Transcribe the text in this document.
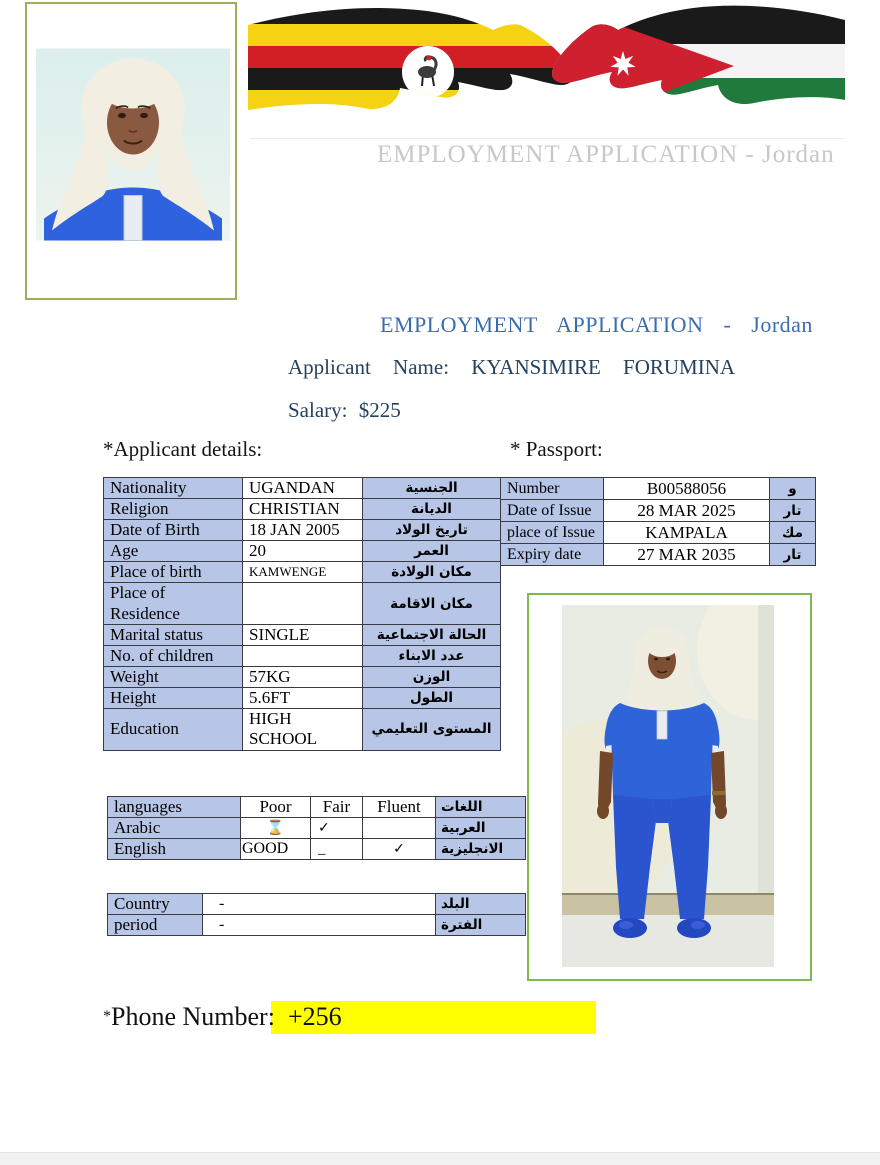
EMPLOYMENT APPLICATION - Jordan
EMPLOYMENT APPLICATION - Jordan
Applicant Name: KYANSIMIRE FORUMINA
Salary: $225
*Applicant details:	* Passport:
Nationality	UGANDAN	الجنسية
Religion	CHRISTIAN	الديانة
Date of Birth	18 JAN 2005	تاريخ الولاد
Age	20	العمر
Place of birth	KAMWENGE	مكان الولادة
Place of Residence		مكان الاقامة
Marital status	SINGLE	الحالة الاجتماعية
No. of children		عدد الابناء
Weight	57KG	الوزن
Height	5.6FT	الطول
Education	HIGH SCHOOL	المستوى التعليمي
Number	B00588056	و
Date of Issue	28 MAR 2025	تار
place of Issue	KAMPALA	مك
Expiry date	27 MAR 2035	تار
languages	Poor	Fair	Fluent	اللغات
Arabic	⌛	✓		العربية
English	GOOD	_	✓	الانجليزية
Country	-	البلد
period	-	الفترة
*Phone Number: +256
